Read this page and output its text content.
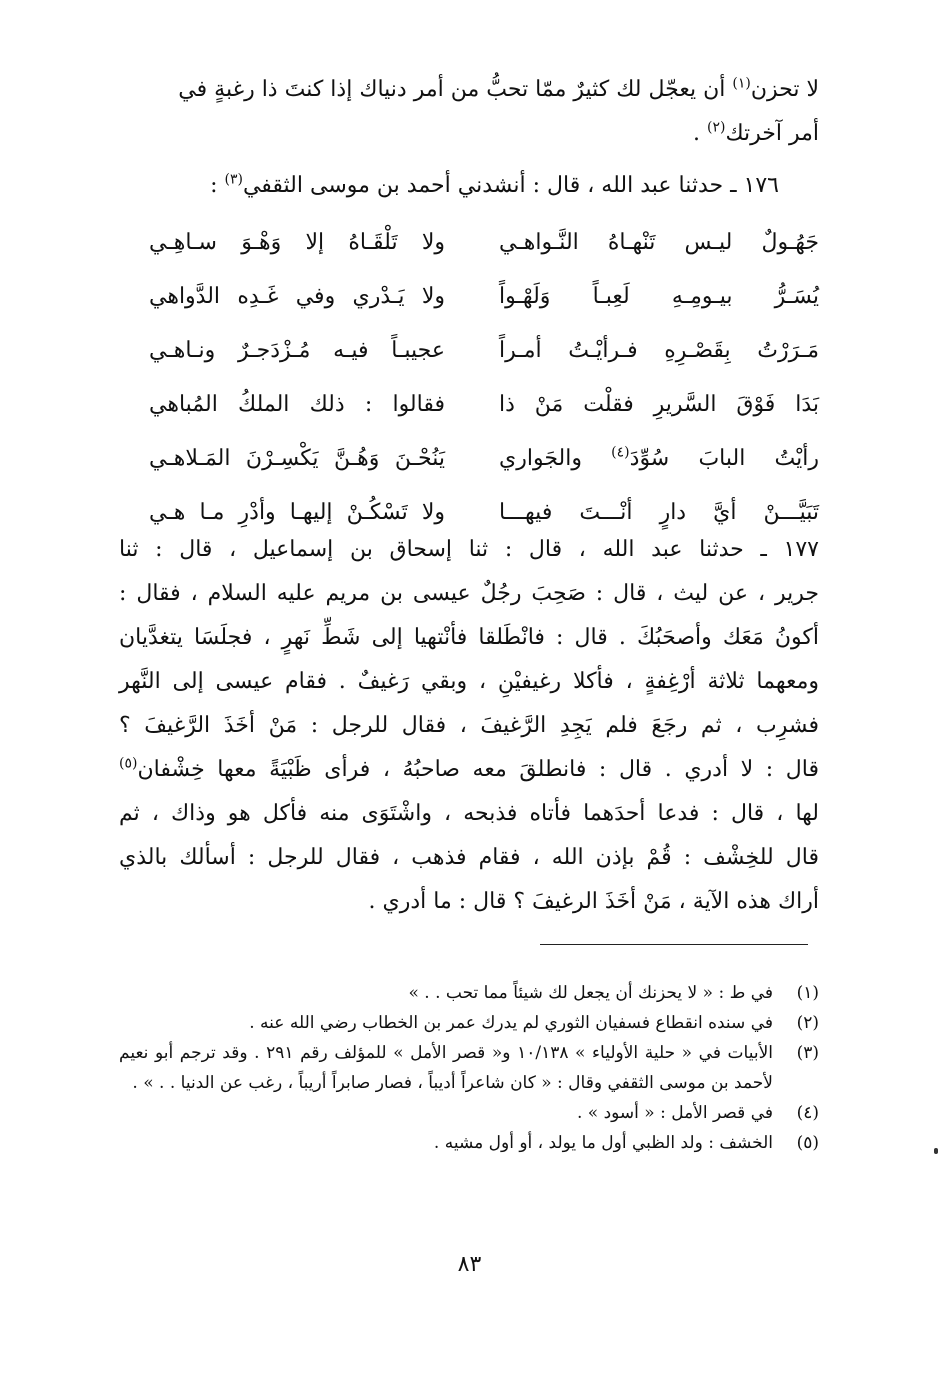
لا تحزن$^{(١)}$ أن يعجّل لك كثيرٌ ممّا تحبُّ من أمر دنياك إذا كنتَ ذا رغبةٍ في

أمر آخرتك$^{(٢)}$ .

١٧٦ ـ حدثنا عبد الله ، قال : أنشدني أحمد بن موسى الثقفي$^{(٣)}$ :
جَهُـولٌ ليـس تَنْهـاهُ النَّـواهـي
ولا تَلْقَـاهُ إلا وَهْـوَ سـاهِـي
يُسَـرُّ بيـومِـهِ لَعِبـاً وَلَهْـواً
ولا يَـدْري وفي غَـدِه الدَّواهي
مَـرَرْتُ بِقَصْـرِهِ فـرأيْـتُ أمـراً
عجيبـاً فيـه مُـزْدَجـرٌ ونـاهـي
بَدَا فَوْقَ السَّريرِ فقلْت مَنْ ذا
فقالوا : ذلك الملكُ المُباهي
رأيْتُ البابَ سُوِّدَ$^{(٤)}$ والجَواري
يَنُحْـنَ وَهُـنَّ يَكْسِـرْنَ المَـلاهـي
تَبَيَّـــنْ أيَّ دارٍ أنْـــتَ فيهـــا
ولا تَسْكُـنْ إليهـا وأدْرِ مـا هـي

١٧٧ ـ حدثنا عبد الله ، قال : ثنا إسحاق بن إسماعيل ، قال : ثنا

جرير ، عن ليث ، قال : صَحِبَ رجُلٌ عيسى بن مريم عليه السلام ، فقال :

أكونُ مَعَك وأصحَبُكَ . قال : فانْطَلقا فأنْتهيا إلى شَطِّ نَهرٍ ، فجلَسَا يتغدَّيان

ومعهما ثلاثة أرْغِفةٍ ، فأكلا رغيفيْنِ ، وبقي رَغيفٌ . فقام عيسى إلى النَّهر

فشرِب ، ثم رجَعَ فلم يَجِدِ الرَّغيفَ ، فقال للرجل : مَنْ أخَذَ الرَّغيفَ ؟

قال : لا أدري . قال : فانطلقَ معه صاحبُهُ ، فرأى ظَبْيَةً معها خِشْفان$^{(٥)}$

لها ، قال : فدعا أحدَهما فأتاه فذبحه ، واشْتَوَى منه فأكل هو وذاك ، ثم

قال للخِشْف : قُمْ بإذن الله ، فقام فذهب ، فقال للرجل : أسألك بالذي

أراك هذه الآية ، مَنْ أخَذَ الرغيفَ ؟ قال : ما أدري .

(١)
في ط : « لا يحزنك أن يجعل لك شيئاً مما تحب . . »
(٢)
في سنده انقطاع فسفيان الثوري لم يدرك عمر بن الخطاب رضي الله عنه .
(٣)
الأبيات في « حلية الأولياء » ١٠/١٣٨ و« قصر الأمل » للمؤلف رقم ٢٩١ . وقد ترجم أبو نعيم لأحمد بن موسى الثقفي وقال : « كان شاعراً أديباً ، فصار صابراً أريباً ، رغب عن الدنيا . . » .
(٤)
في قصر الأمل : « أسود » .
(٥)
الخشف : ولد الظبي أول ما يولد ، أو أول مشيه .
٨٣
